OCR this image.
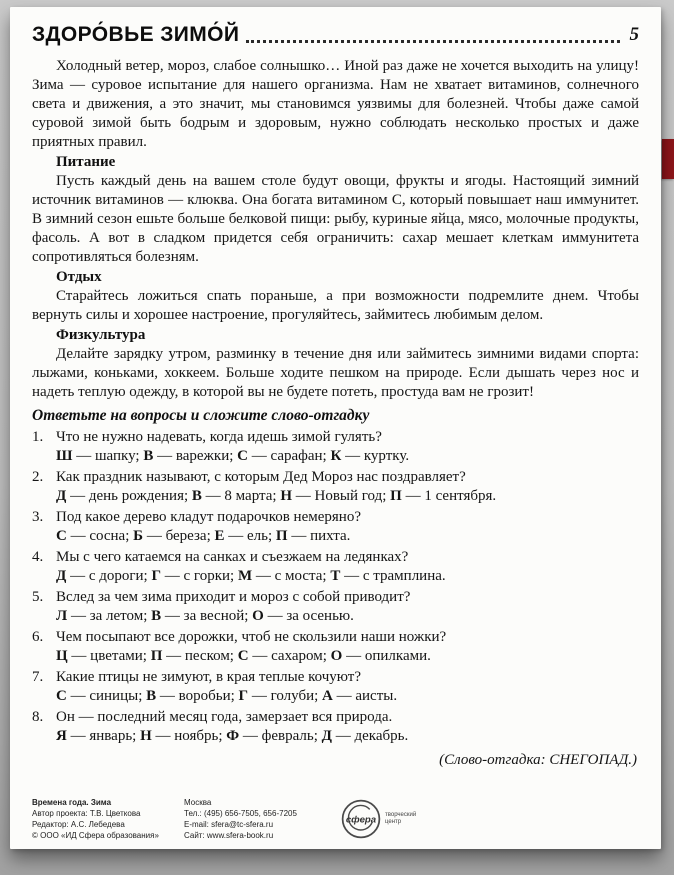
ЗДОРО́ВЬЕ ЗИМО́Й	5

Холодный ветер, мороз, слабое солнышко… Иной раз даже не хочется выходить на улицу! Зима — суровое испытание для нашего организма. Нам не хватает витаминов, солнечного света и движения, а это значит, мы становимся уязвимы для болезней. Чтобы даже самой суровой зимой быть бодрым и здоровым, нужно соблюдать несколько простых и даже приятных правил.

Питание

Пусть каждый день на вашем столе будут овощи, фрукты и ягоды. Настоящий зимний источник витаминов — клюква. Она богата витамином С, который повышает наш иммунитет. В зимний сезон ешьте больше белковой пищи: рыбу, куриные яйца, мясо, молочные продукты, фасоль. А вот в сладком придется себя ограничить: сахар мешает клеткам иммунитета сопротивляться болезням.

Отдых

Старайтесь ложиться спать пораньше, а при возможности подремлите днем. Чтобы вернуть силы и хорошее настроение, прогуляйтесь, займитесь любимым делом.

Физкультура

Делайте зарядку утром, разминку в течение дня или займитесь зимними видами спорта: лыжами, коньками, хоккеем. Больше ходите пешком на природе. Если дышать через нос и надеть теплую одежду, в которой вы не будете потеть, простуда вам не грозит!

Ответьте на вопросы и сложите слово-отгадку
1. Что не нужно надевать, когда идешь зимой гулять?
Ш — шапку; В — варежки; С — сарафан; К — куртку.
2. Как праздник называют, с которым Дед Мороз нас поздравляет?
Д — день рождения; В — 8 марта; Н — Новый год; П — 1 сентября.
3. Под какое дерево кладут подарочков немеряно?
С — сосна; Б — береза; Е — ель; П — пихта.
4. Мы с чего катаемся на санках и съезжаем на ледянках?
Д — с дороги; Г — с горки; М — с моста; Т — с трамплина.
5. Вслед за чем зима приходит и мороз с собой приводит?
Л — за летом; В — за весной; О — за осенью.
6. Чем посыпают все дорожки, чтоб не скользили наши ножки?
Ц — цветами; П — песком; С — сахаром; О — опилками.
7. Какие птицы не зимуют, в края теплые кочуют?
С — синицы; В — воробьи; Г — голуби; А — аисты.
8. Он — последний месяц года, замерзает вся природа.
Я — январь; Н — ноябрь; Ф — февраль; Д — декабрь.

(Слово-отгадка: СНЕГОПАД.)

Времена года. Зима
Автор проекта: Т.В. Цветкова
Редактор: А.С. Лебедева
© ООО «ИД Сфера образования»
Москва
Тел.: (495) 656-7505, 656-7205
E-mail: sfera@tc-sfera.ru
Сайт: www.sfera-book.ru
сфера творческий центр
